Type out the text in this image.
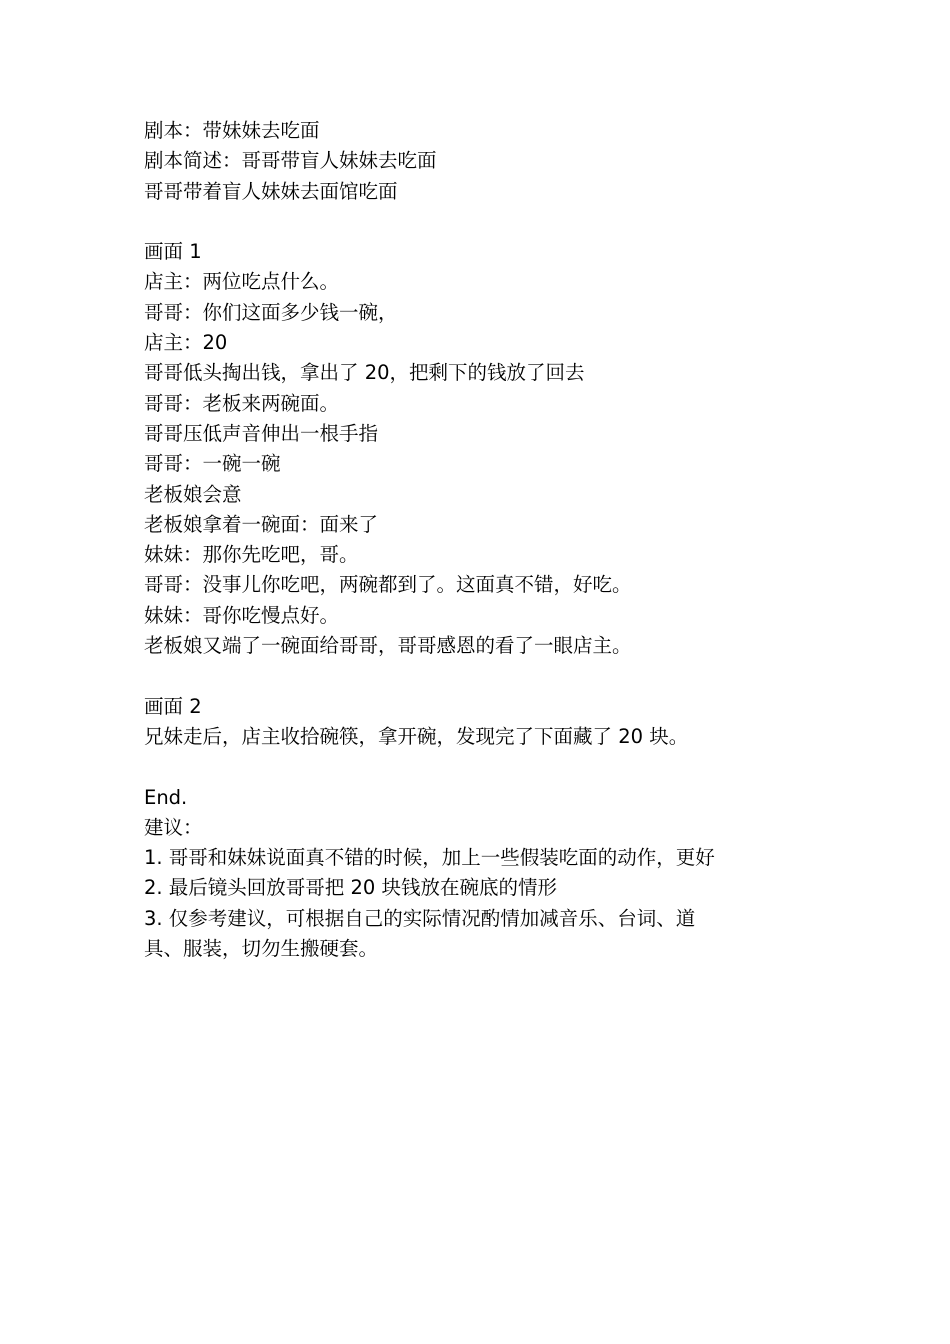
剧本：带妹妹去吃面
剧本简述：哥哥带盲人妹妹去吃面
哥哥带着盲人妹妹去面馆吃面
画面 1
店主：两位吃点什么。
哥哥：你们这面多少钱一碗，
店主：20
哥哥低头掏出钱，拿出了 20，把剩下的钱放了回去
哥哥：老板来两碗面。
哥哥压低声音伸出一根手指
哥哥：一碗一碗
老板娘会意
老板娘拿着一碗面：面来了
妹妹：那你先吃吧，哥。
哥哥：没事儿你吃吧，两碗都到了。这面真不错，好吃。
妹妹：哥你吃慢点好。
老板娘又端了一碗面给哥哥，哥哥感恩的看了一眼店主。
画面 2
兄妹走后，店主收拾碗筷，拿开碗，发现完了下面藏了 20 块。
End.
建议：
1. 哥哥和妹妹说面真不错的时候，加上一些假装吃面的动作，更好
2. 最后镜头回放哥哥把 20 块钱放在碗底的情形
3. 仅参考建议，可根据自己的实际情况酌情加减音乐、台词、道
具、服装，切勿生搬硬套。
